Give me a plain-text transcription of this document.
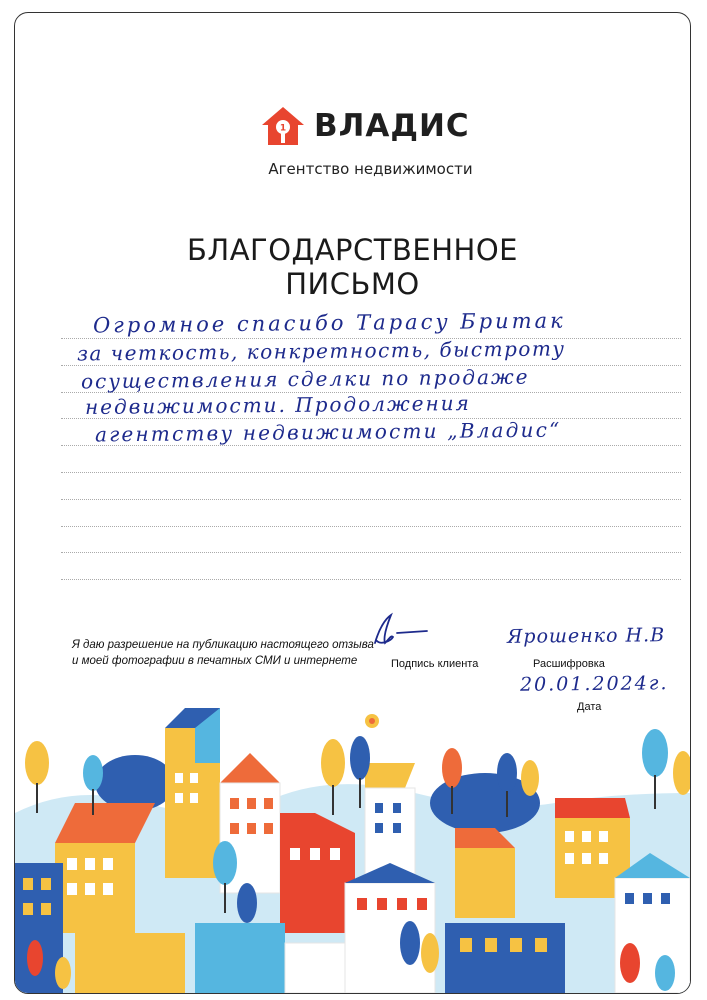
1 ВЛАДИС
Агентство недвижимости
БЛАГОДАРСТВЕННОЕ
ПИСЬМО
Огромное спасибо Тарасу Бритак
за четкость, конкретность, быстроту
осуществления сделки по продаже
недвижимости. Продолжения
агентству недвижимости „Владис“
Я даю разрешение на публикацию настоящего отзыва
и моей фотографии в печатных СМИ и интернете	Подпись клиента
Ярошенко Н.В
Расшифровка
20.01.2024г.
Дата
